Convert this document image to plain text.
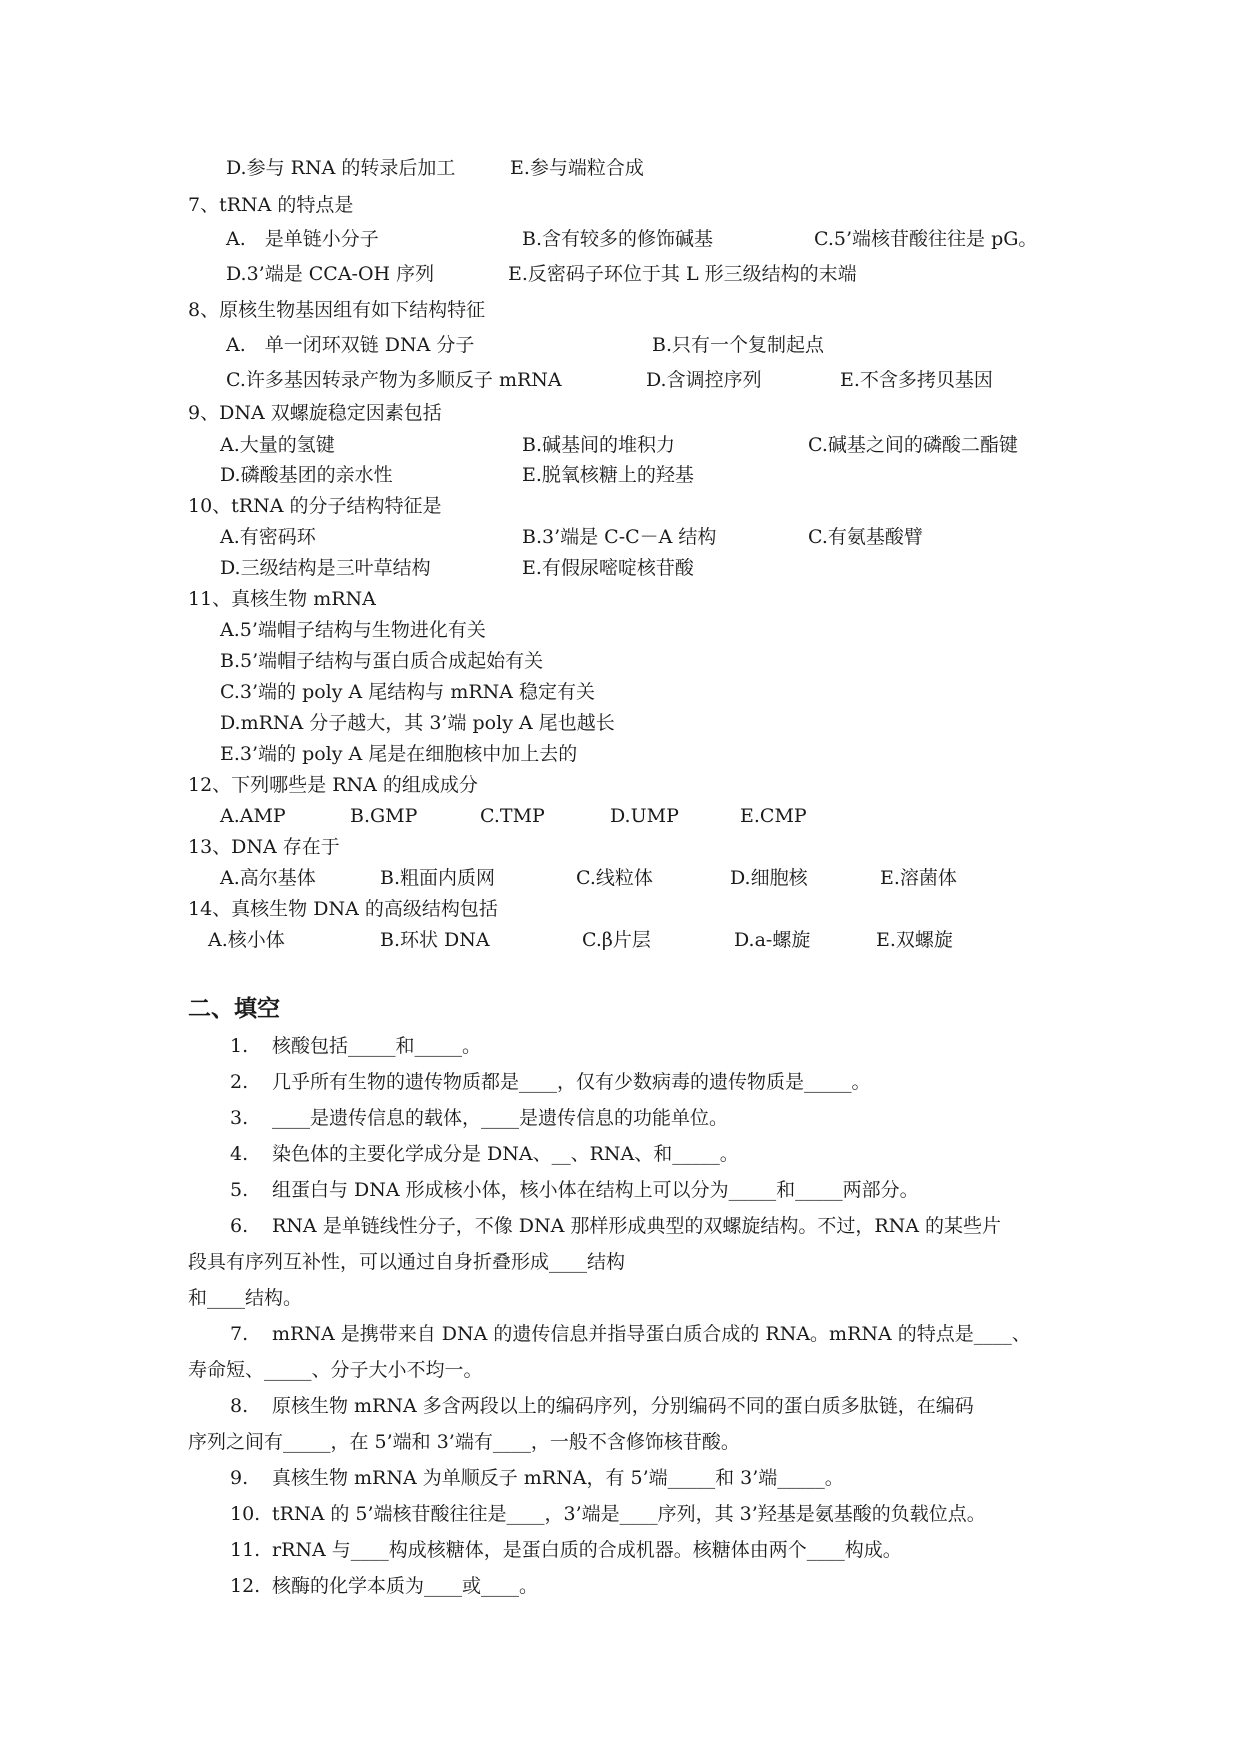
D.参与 RNA 的转录后加工	E.参与端粒合成
7、tRNA 的特点是
A.　是单链小分子	B.含有较多的修饰碱基	C.5’端核苷酸往往是 pG。
D.3’端是 CCA-OH 序列	E.反密码子环位于其 L 形三级结构的末端
8、原核生物基因组有如下结构特征
A.　单一闭环双链 DNA 分子	B.只有一个复制起点
C.许多基因转录产物为多顺反子 mRNA	D.含调控序列	E.不含多拷贝基因
9、DNA 双螺旋稳定因素包括
A.大量的氢键	B.碱基间的堆积力	C.碱基之间的磷酸二酯键
D.磷酸基团的亲水性	E.脱氧核糖上的羟基
10、tRNA 的分子结构特征是
A.有密码环	B.3’端是 C-C－A 结构	C.有氨基酸臂
D.三级结构是三叶草结构	E.有假尿嘧啶核苷酸
11、真核生物 mRNA
A.5’端帽子结构与生物进化有关
B.5’端帽子结构与蛋白质合成起始有关
C.3’端的 poly A 尾结构与 mRNA 稳定有关
D.mRNA 分子越大，其 3’端 poly A 尾也越长
E.3’端的 poly A 尾是在细胞核中加上去的
12、下列哪些是 RNA 的组成成分
A.AMP	B.GMP	C.TMP	D.UMP	E.CMP
13、DNA 存在于
A.高尔基体	B.粗面内质网	C.线粒体	D.细胞核	E.溶菌体
14、真核生物 DNA 的高级结构包括
A.核小体	B.环状 DNA	C.β片层	D.a-螺旋	E.双螺旋
二、填空
1. 核酸包括_____和_____。
2. 几乎所有生物的遗传物质都是____，仅有少数病毒的遗传物质是_____。
3. ____是遗传信息的载体，____是遗传信息的功能单位。
4. 染色体的主要化学成分是 DNA、__、RNA、和_____。
5. 组蛋白与 DNA 形成核小体，核小体在结构上可以分为_____和_____两部分。
6. RNA 是单链线性分子，不像 DNA 那样形成典型的双螺旋结构。不过，RNA 的某些片
段具有序列互补性，可以通过自身折叠形成____结构
和____结构。
7. mRNA 是携带来自 DNA 的遗传信息并指导蛋白质合成的 RNA。mRNA 的特点是____、
寿命短、_____、分子大小不均一。
8. 原核生物 mRNA 多含两段以上的编码序列，分别编码不同的蛋白质多肽链，在编码
序列之间有_____，在 5’端和 3’端有____，一般不含修饰核苷酸。
9. 真核生物 mRNA 为单顺反子 mRNA，有 5’端_____和 3’端_____。
10. tRNA 的 5’端核苷酸往往是____，3’端是____序列，其 3’羟基是氨基酸的负载位点。
11. rRNA 与____构成核糖体，是蛋白质的合成机器。核糖体由两个____构成。
12. 核酶的化学本质为____或____。
